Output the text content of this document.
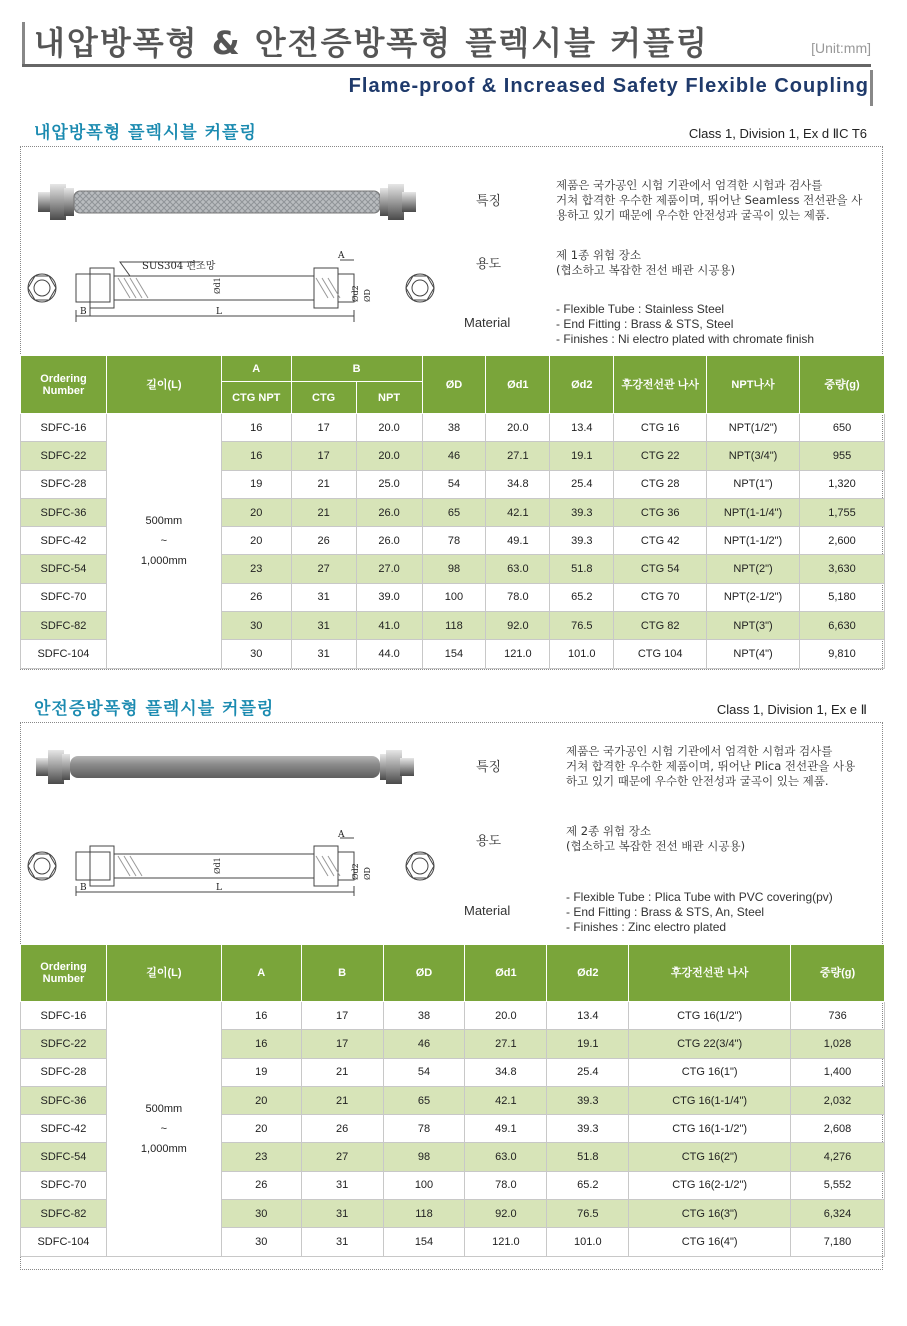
내압방폭형 & 안전증방폭형 플렉시블 커플링	[Unit:mm]
Flame-proof & Increased Safety Flexible Coupling
내압방폭형 플렉시블 커플링	Class 1, Division 1, Ex d ⅡC T6
SUS304 편조망
A
B	L
Ød1	Ød2 ØD
특징
제품은 국가공인 시험 기관에서 엄격한 시험과 검사를
거쳐 합격한 우수한 제품이며, 뛰어난 Seamless 전선관을 사
용하고 있기 때문에 우수한 안전성과 굴곡이 있는 제품.
용도
제 1종 위험 장소
(협소하고 복잡한 전선 배관 시공용)
Material
- Flexible Tube : Stainless Steel
- End Fitting : Brass & STS, Steel
- Finishes : Ni electro plated with chromate finish
Ordering Number	길이(L)	A	B		ØD	Ød1	Ød2	후강전선관 나사	NPT나사	중량(g)
		CTG NPT	CTG	NPT						
SDFC-16	500mm
~
1,000mm	16	17	20.0	38	20.0	13.4	CTG 16	NPT(1/2")	650
SDFC-22		16	17	20.0	46	27.1	19.1	CTG 22	NPT(3/4")	955
SDFC-28		19	21	25.0	54	34.8	25.4	CTG 28	NPT(1")	1,320
SDFC-36		20	21	26.0	65	42.1	39.3	CTG 36	NPT(1-1/4")	1,755
SDFC-42		20	26	26.0	78	49.1	39.3	CTG 42	NPT(1-1/2")	2,600
SDFC-54		23	27	27.0	98	63.0	51.8	CTG 54	NPT(2")	3,630
SDFC-70		26	31	39.0	100	78.0	65.2	CTG 70	NPT(2-1/2")	5,180
SDFC-82		30	31	41.0	118	92.0	76.5	CTG 82	NPT(3")	6,630
SDFC-104		30	31	44.0	154	121.0	101.0	CTG 104	NPT(4")	9,810
안전증방폭형 플렉시블 커플링	Class 1, Division 1, Ex e Ⅱ
A
B	L
Ød1	Ød2 ØD
특징
제품은 국가공인 시험 기관에서 엄격한 시험과 검사를
거쳐 합격한 우수한 제품이며, 뛰어난 Plica 전선관을 사용
하고 있기 때문에 우수한 안전성과 굴곡이 있는 제품.
용도
제 2종 위험 장소
(협소하고 복잡한 전선 배관 시공용)
Material
- Flexible Tube : Plica Tube with PVC covering(pv)
- End Fitting : Brass & STS, An, Steel
- Finishes : Zinc electro plated
Ordering Number	길이(L)	A	B	ØD	Ød1	Ød2	후강전선관 나사	중량(g)
SDFC-16	500mm
~
1,000mm	16	17	38	20.0	13.4	CTG 16(1/2")	736
SDFC-22		16	17	46	27.1	19.1	CTG 22(3/4")	1,028
SDFC-28		19	21	54	34.8	25.4	CTG 16(1")	1,400
SDFC-36		20	21	65	42.1	39.3	CTG 16(1-1/4")	2,032
SDFC-42		20	26	78	49.1	39.3	CTG 16(1-1/2")	2,608
SDFC-54		23	27	98	63.0	51.8	CTG 16(2")	4,276
SDFC-70		26	31	100	78.0	65.2	CTG 16(2-1/2")	5,552
SDFC-82		30	31	118	92.0	76.5	CTG 16(3")	6,324
SDFC-104		30	31	154	121.0	101.0	CTG 16(4")	7,180
